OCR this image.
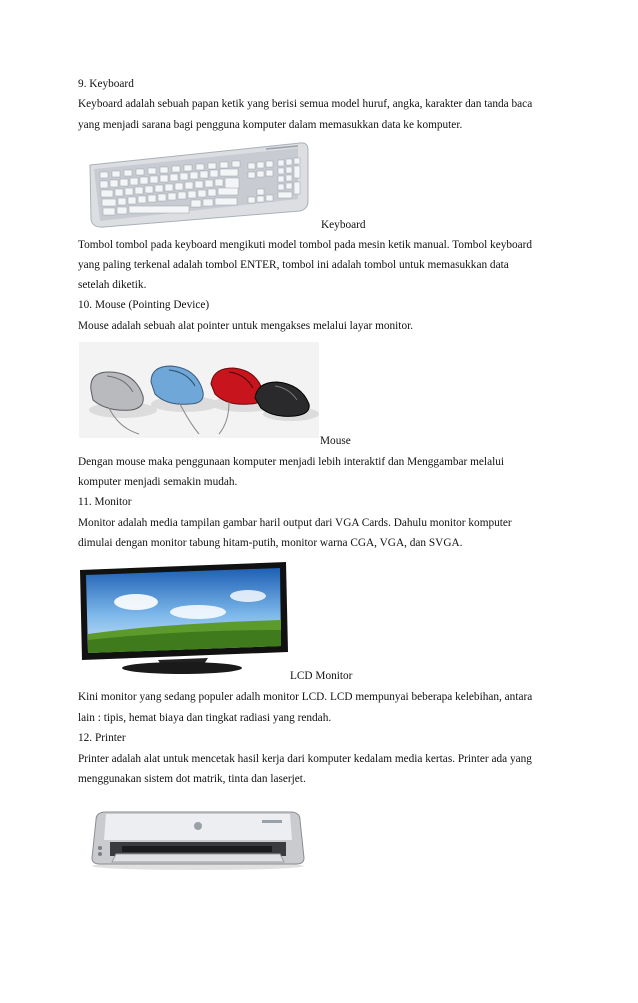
9. Keyboard
Keyboard adalah sebuah papan ketik yang berisi semua model huruf, angka, karakter dan tanda baca
yang menjadi sarana bagi pengguna komputer dalam memasukkan data ke komputer.
Keyboard
Tombol tombol pada keyboard mengikuti model tombol pada mesin ketik manual. Tombol keyboard
yang paling terkenal adalah tombol ENTER, tombol ini adalah tombol untuk memasukkan data
setelah diketik.
10. Mouse (Pointing Device)
Mouse adalah sebuah alat pointer untuk mengakses melalui layar monitor.
Mouse
Dengan mouse maka penggunaan komputer menjadi lebih interaktif dan Menggambar melalui
komputer menjadi semakin mudah.
11. Monitor
Monitor adalah media tampilan gambar haril output dari VGA Cards. Dahulu monitor komputer
dimulai dengan monitor tabung hitam-putih, monitor warna CGA, VGA, dan SVGA.
LCD Monitor
Kini monitor yang sedang populer adalh monitor LCD. LCD mempunyai beberapa kelebihan, antara
lain : tipis, hemat biaya dan tingkat radiasi yang rendah.
12. Printer
Printer adalah alat untuk mencetak hasil kerja dari komputer kedalam media kertas. Printer ada yang
menggunakan sistem dot matrik, tinta dan laserjet.
